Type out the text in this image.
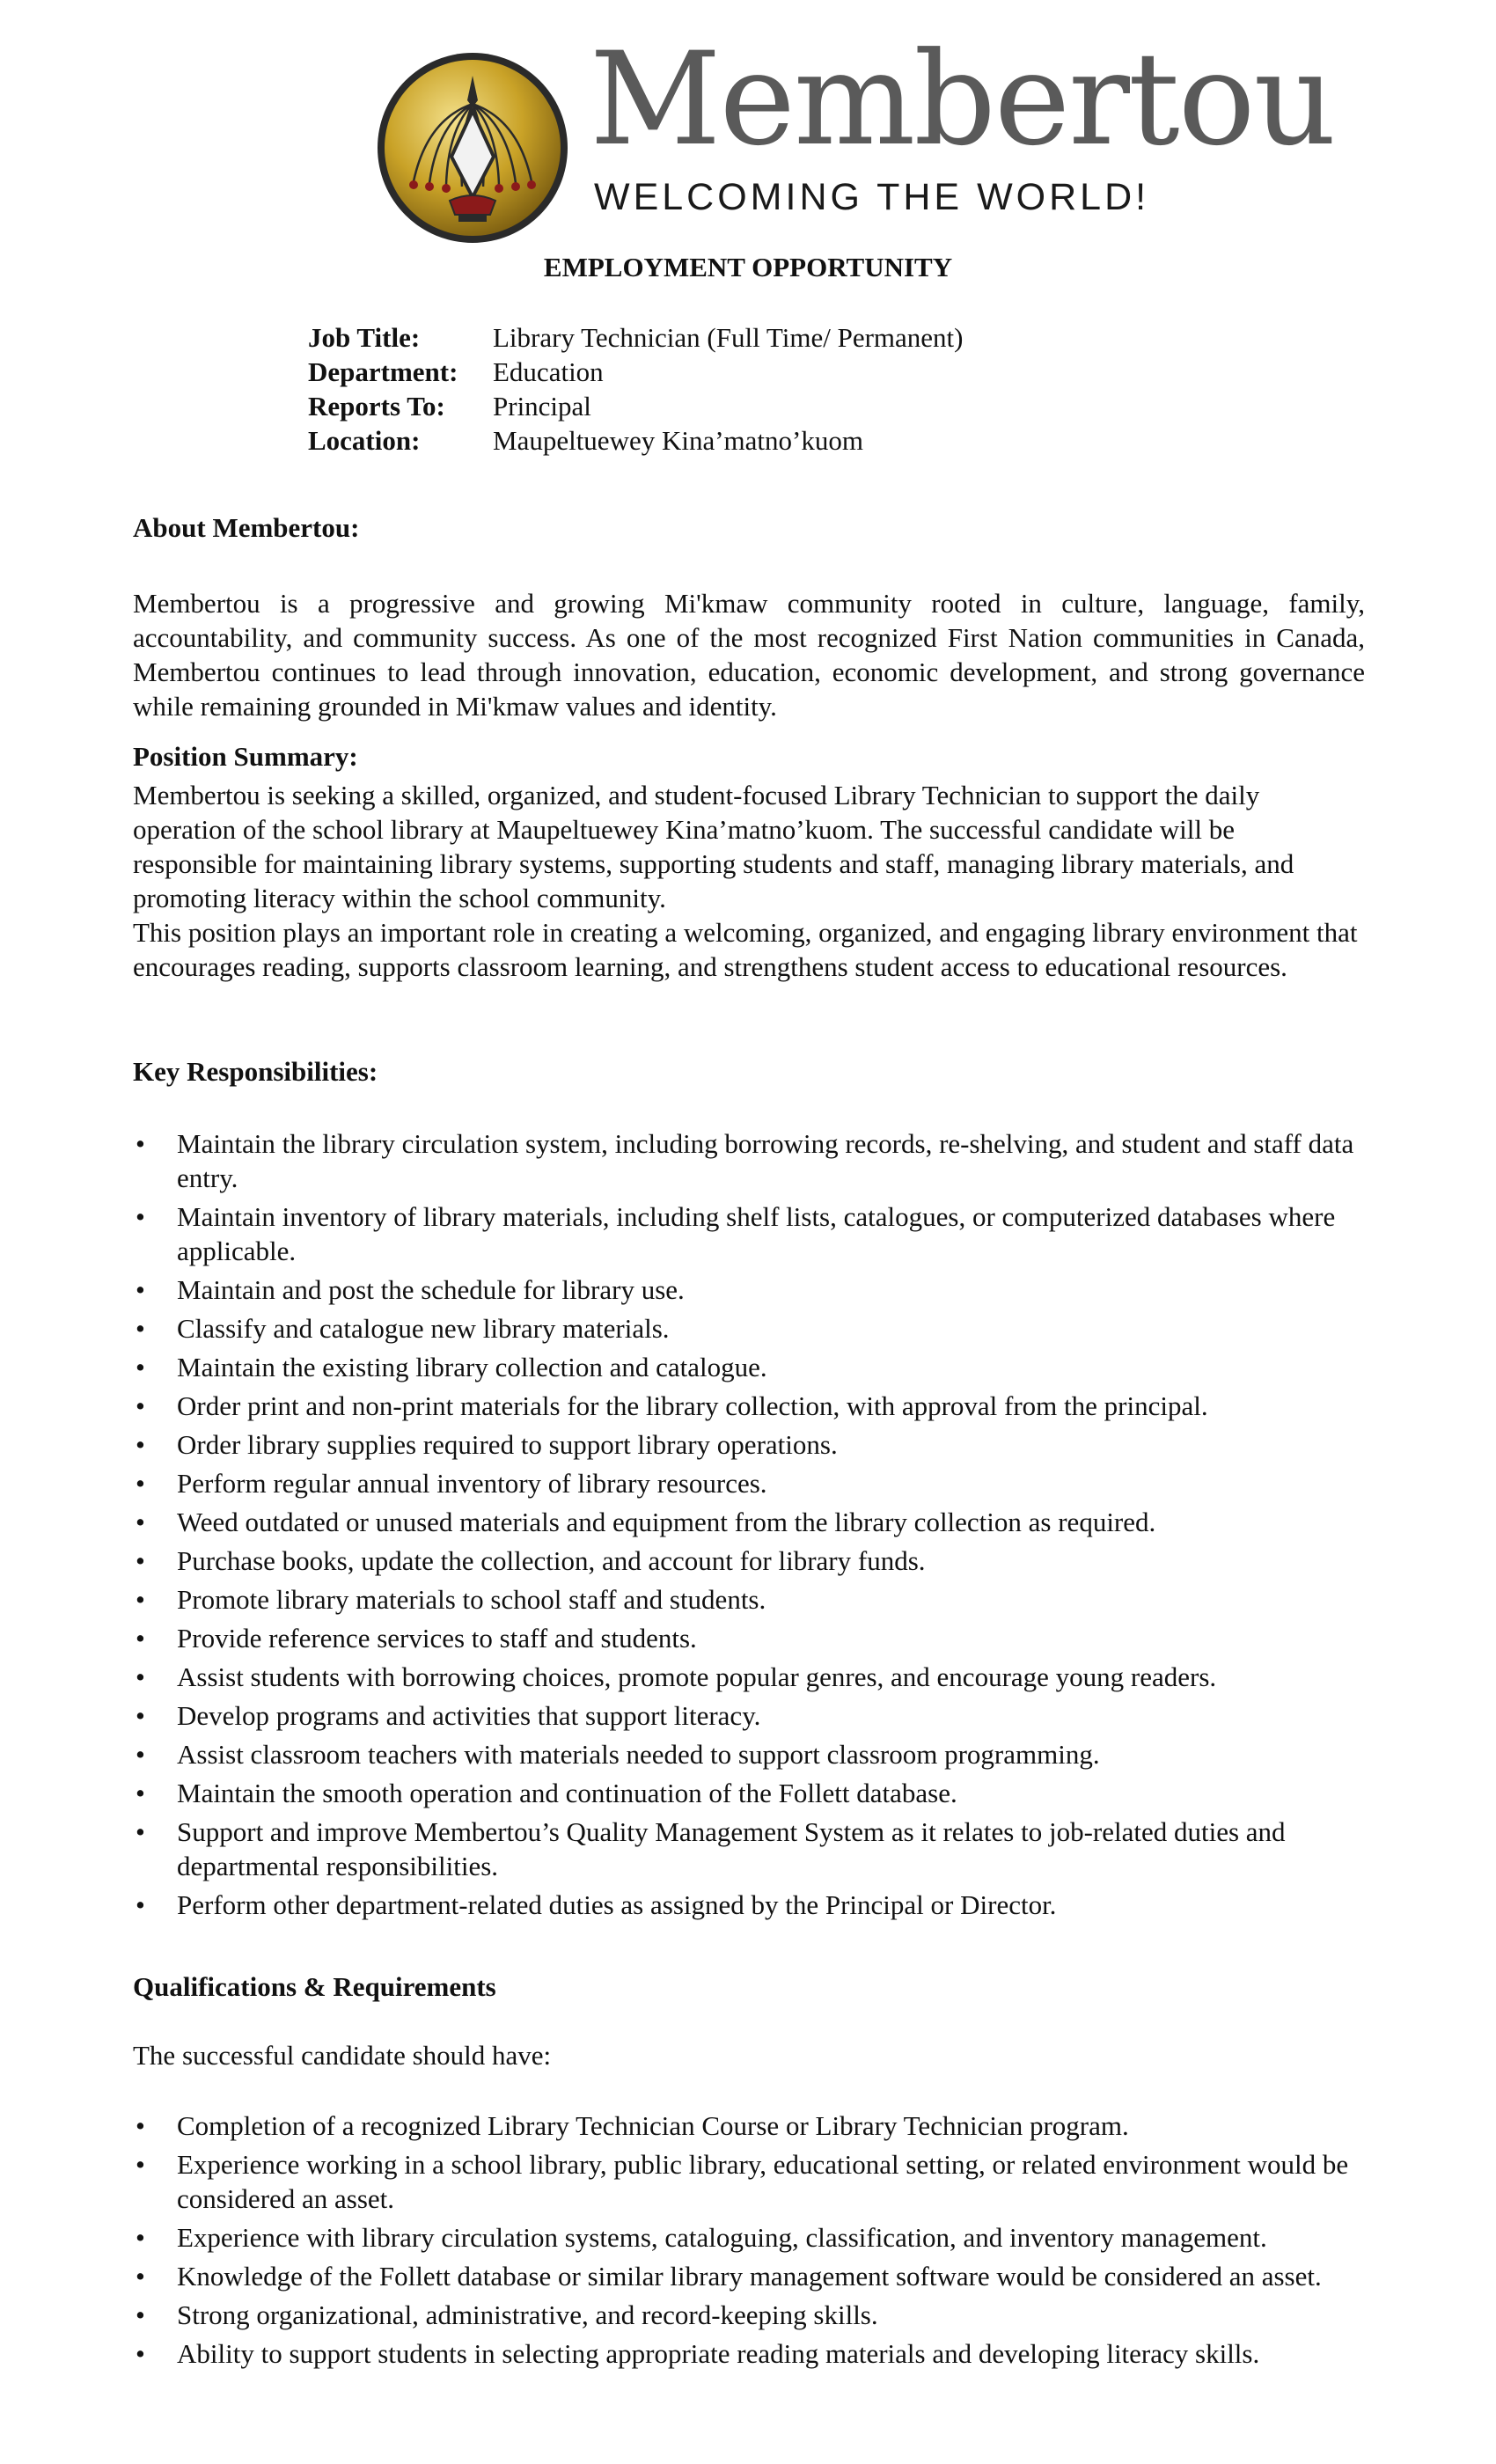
Membertou
WELCOMING THE WORLD!
EMPLOYMENT OPPORTUNITY
Job Title:	Library Technician (Full Time/ Permanent)
Department:	Education
Reports To:	Principal
Location:	Maupeltuewey Kina’matno’kuom
About Membertou:
Membertou is a progressive and growing Mi'kmaw community rooted in culture, language, family, accountability, and community success. As one of the most recognized First Nation communities in Canada, Membertou continues to lead through innovation, education, economic development, and strong governance while remaining grounded in Mi'kmaw values and identity.
Position Summary:
Membertou is seeking a skilled, organized, and student-focused Library Technician to support the daily operation of the school library at Maupeltuewey Kina’matno’kuom. The successful candidate will be responsible for maintaining library systems, supporting students and staff, managing library materials, and promoting literacy within the school community.
This position plays an important role in creating a welcoming, organized, and engaging library environment that encourages reading, supports classroom learning, and strengthens student access to educational resources.
Key Responsibilities:
• Maintain the library circulation system, including borrowing records, re-shelving, and student and staff data entry.
• Maintain inventory of library materials, including shelf lists, catalogues, or computerized databases where applicable.
• Maintain and post the schedule for library use.
• Classify and catalogue new library materials.
• Maintain the existing library collection and catalogue.
• Order print and non-print materials for the library collection, with approval from the principal.
• Order library supplies required to support library operations.
• Perform regular annual inventory of library resources.
• Weed outdated or unused materials and equipment from the library collection as required.
• Purchase books, update the collection, and account for library funds.
• Promote library materials to school staff and students.
• Provide reference services to staff and students.
• Assist students with borrowing choices, promote popular genres, and encourage young readers.
• Develop programs and activities that support literacy.
• Assist classroom teachers with materials needed to support classroom programming.
• Maintain the smooth operation and continuation of the Follett database.
• Support and improve Membertou’s Quality Management System as it relates to job-related duties and departmental responsibilities.
• Perform other department-related duties as assigned by the Principal or Director.
Qualifications & Requirements
The successful candidate should have:
• Completion of a recognized Library Technician Course or Library Technician program.
• Experience working in a school library, public library, educational setting, or related environment would be considered an asset.
• Experience with library circulation systems, cataloguing, classification, and inventory management.
• Knowledge of the Follett database or similar library management software would be considered an asset.
• Strong organizational, administrative, and record-keeping skills.
• Ability to support students in selecting appropriate reading materials and developing literacy skills.
